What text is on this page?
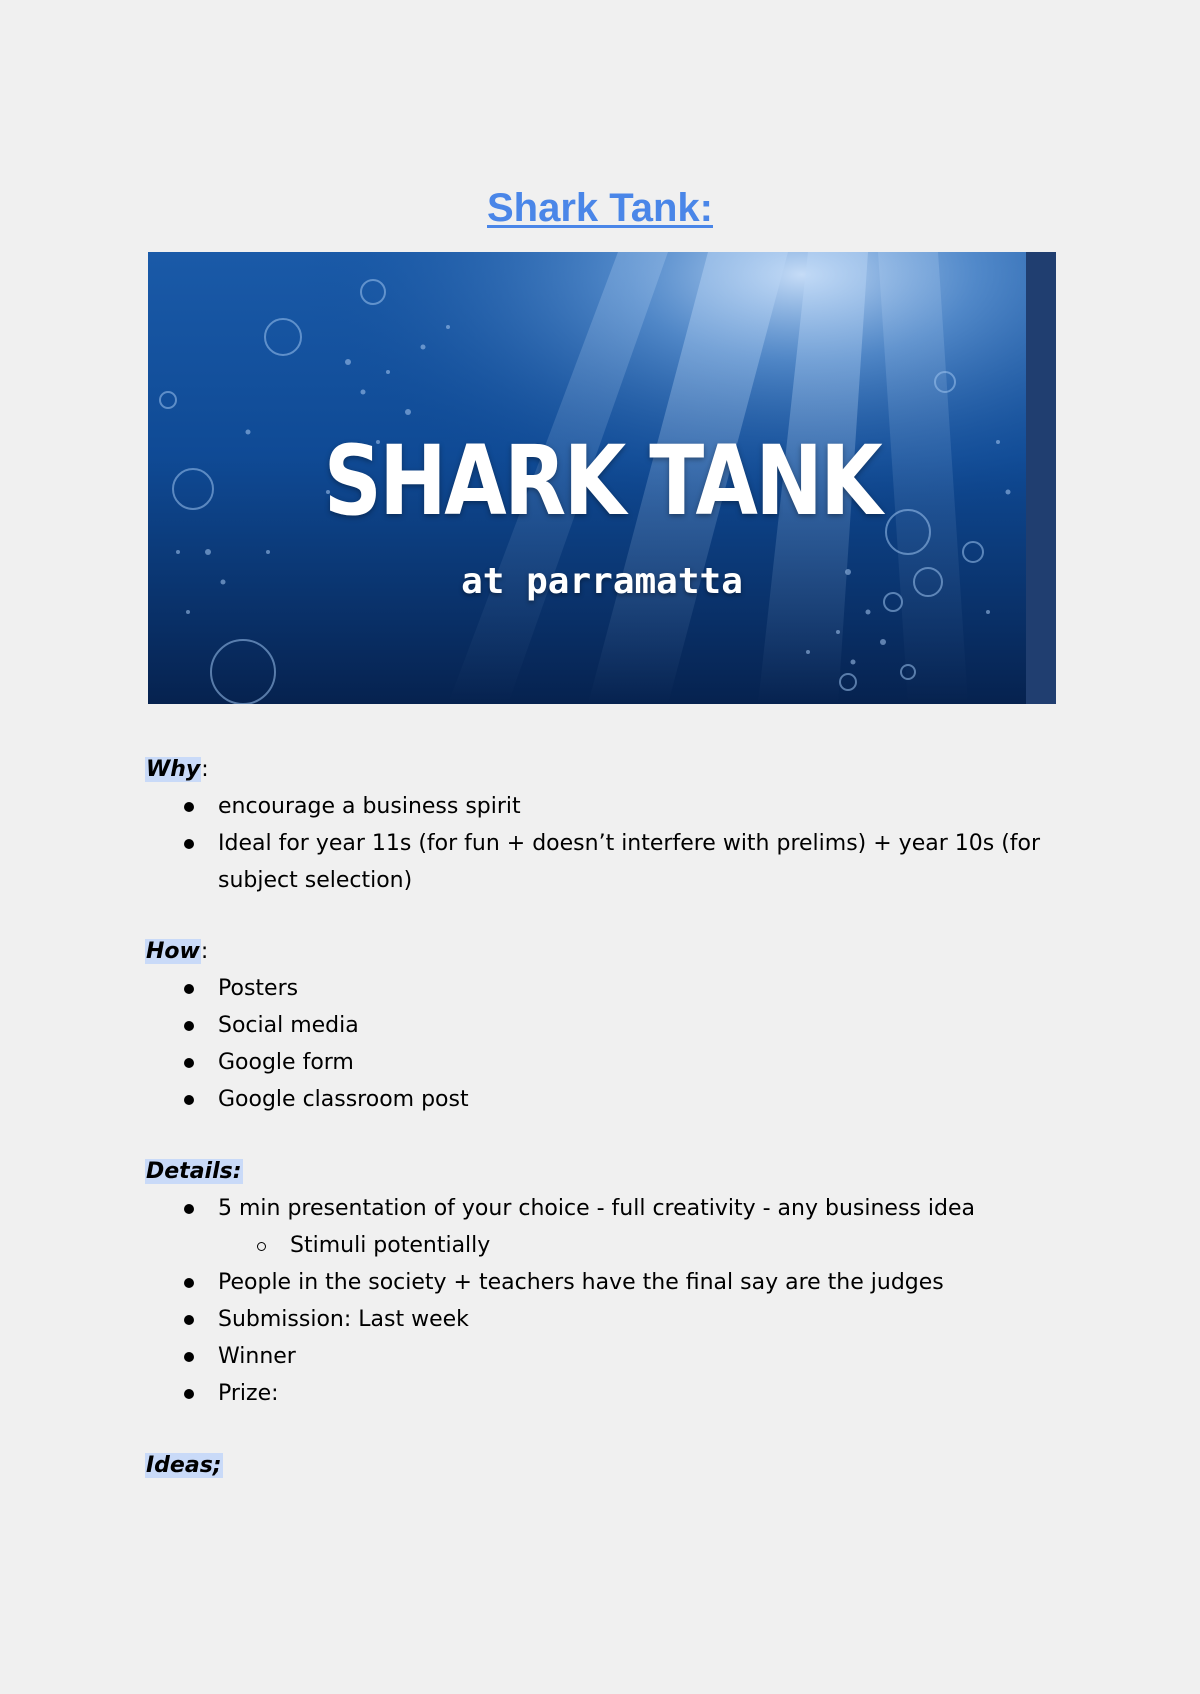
Shark Tank:
SHARK TANK
at parramatta
Why:
encourage a business spirit
Ideal for year 11s (for fun + doesn’t interfere with prelims) + year 10s (for subject selection)
How:
Posters
Social media
Google form
Google classroom post
Details:
5 min presentation of your choice - full creativity - any business idea
Stimuli potentially
People in the society + teachers have the final say are the judges
Submission: Last week
Winner
Prize:
Ideas;
